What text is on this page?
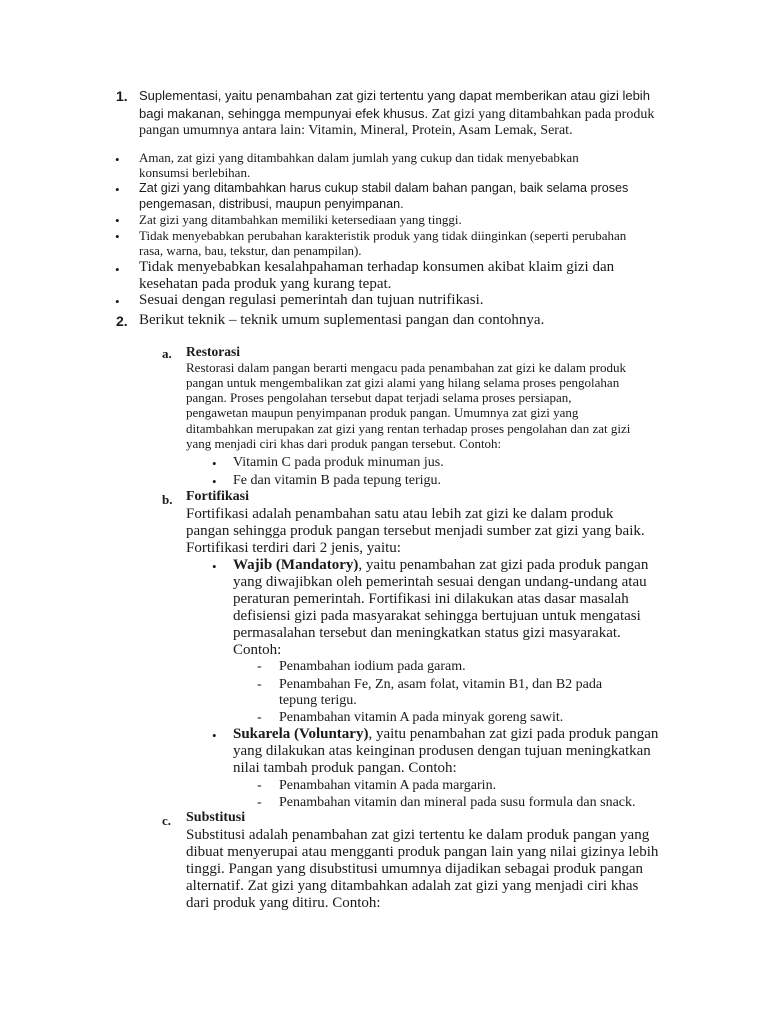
1. Suplementasi, yaitu penambahan zat gizi tertentu yang dapat memberikan atau gizi lebih
bagi makanan, sehingga mempunyai efek khusus. Zat gizi yang ditambahkan pada produk
pangan umumnya antara lain: Vitamin, Mineral, Protein, Asam Lemak, Serat.
• Aman, zat gizi yang ditambahkan dalam jumlah yang cukup dan tidak menyebabkan
konsumsi berlebihan.
• Zat gizi yang ditambahkan harus cukup stabil dalam bahan pangan, baik selama proses
pengemasan, distribusi, maupun penyimpanan.
• Zat gizi yang ditambahkan memiliki ketersediaan yang tinggi.
• Tidak menyebabkan perubahan karakteristik produk yang tidak diinginkan (seperti perubahan
rasa, warna, bau, tekstur, dan penampilan).
• Tidak menyebabkan kesalahpahaman terhadap konsumen akibat klaim gizi dan
kesehatan pada produk yang kurang tepat.
• Sesuai dengan regulasi pemerintah dan tujuan nutrifikasi.
2. Berikut teknik – teknik umum suplementasi pangan dan contohnya.
a. Restorasi
Restorasi dalam pangan berarti mengacu pada penambahan zat gizi ke dalam produk
pangan untuk mengembalikan zat gizi alami yang hilang selama proses pengolahan
pangan. Proses pengolahan tersebut dapat terjadi selama proses persiapan,
pengawetan maupun penyimpanan produk pangan. Umumnya zat gizi yang
ditambahkan merupakan zat gizi yang rentan terhadap proses pengolahan dan zat gizi
yang menjadi ciri khas dari produk pangan tersebut. Contoh:
• Vitamin C pada produk minuman jus.
• Fe dan vitamin B pada tepung terigu.
b. Fortifikasi
Fortifikasi adalah penambahan satu atau lebih zat gizi ke dalam produk
pangan sehingga produk pangan tersebut menjadi sumber zat gizi yang baik.
Fortifikasi terdiri dari 2 jenis, yaitu:
• Wajib (Mandatory), yaitu penambahan zat gizi pada produk pangan
yang diwajibkan oleh pemerintah sesuai dengan undang-undang atau
peraturan pemerintah. Fortifikasi ini dilakukan atas dasar masalah
defisiensi gizi pada masyarakat sehingga bertujuan untuk mengatasi
permasalahan tersebut dan meningkatkan status gizi masyarakat.
Contoh:
- Penambahan iodium pada garam.
- Penambahan Fe, Zn, asam folat, vitamin B1, dan B2 pada
tepung terigu.
- Penambahan vitamin A pada minyak goreng sawit.
• Sukarela (Voluntary), yaitu penambahan zat gizi pada produk pangan
yang dilakukan atas keinginan produsen dengan tujuan meningkatkan
nilai tambah produk pangan. Contoh:
- Penambahan vitamin A pada margarin.
- Penambahan vitamin dan mineral pada susu formula dan snack.
c. Substitusi
Substitusi adalah penambahan zat gizi tertentu ke dalam produk pangan yang
dibuat menyerupai atau mengganti produk pangan lain yang nilai gizinya lebih
tinggi. Pangan yang disubstitusi umumnya dijadikan sebagai produk pangan
alternatif. Zat gizi yang ditambahkan adalah zat gizi yang menjadi ciri khas
dari produk yang ditiru. Contoh:
